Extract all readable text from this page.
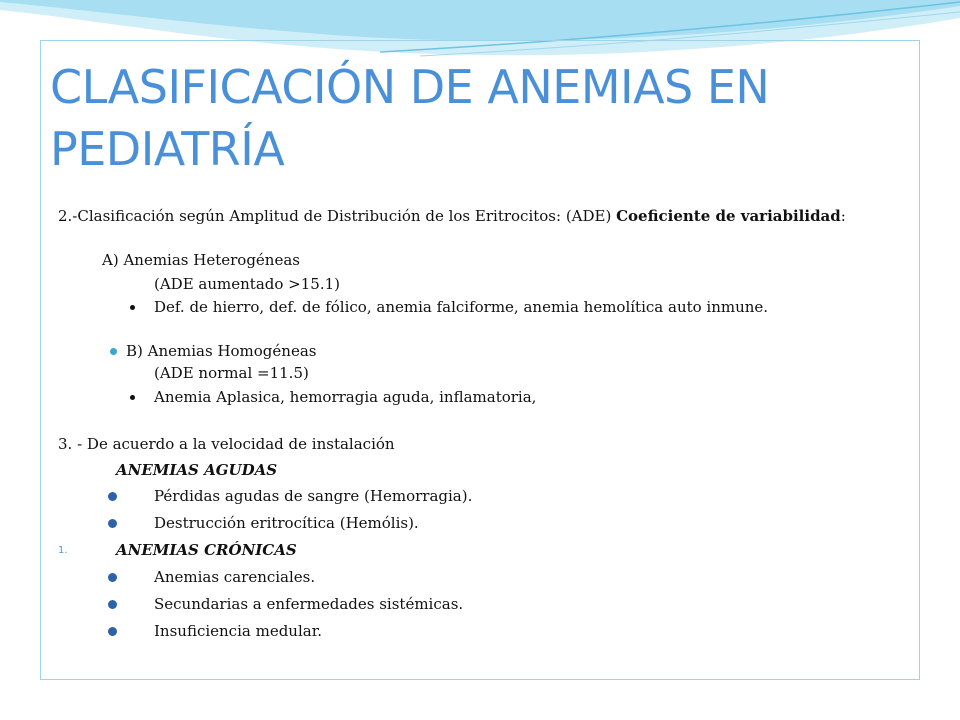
CLASIFICACIÓN DE ANEMIAS EN
PEDIATRÍA
2.-Clasificación según Amplitud de Distribución de los Eritrocitos: (ADE) Coeficiente de variabilidad:
A) Anemias Heterogéneas
(ADE aumentado >15.1)
Def. de hierro, def. de fólico, anemia falciforme, anemia hemolítica auto inmune.
B) Anemias Homogéneas
(ADE normal =11.5)
Anemia Aplasica, hemorragia aguda, inflamatoria,
3. - De acuerdo a la velocidad de instalación
ANEMIAS AGUDAS
Pérdidas agudas de sangre (Hemorragia).
Destrucción eritrocítica (Hemólis).
1.	ANEMIAS CRÓNICAS
Anemias carenciales.
Secundarias a enfermedades sistémicas.
Insuficiencia medular.
